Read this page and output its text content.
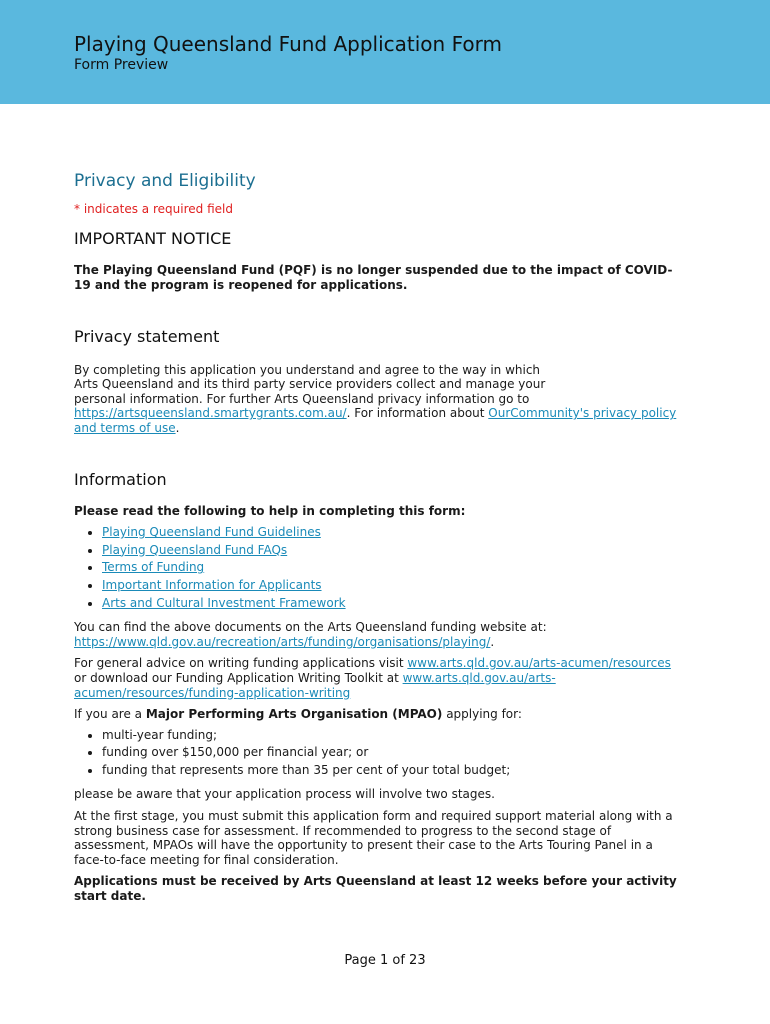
Playing Queensland Fund Application Form
Form Preview
Privacy and Eligibility
* indicates a required field
IMPORTANT NOTICE

The Playing Queensland Fund (PQF) is no longer suspended due to the impact of COVID-19 and the program is reopened for applications.

Privacy statement

By completing this application you understand and agree to the way in which
Arts Queensland and its third party service providers collect and manage your
personal information. For further Arts Queensland privacy information go to https://artsqueensland.smartygrants.com.au/. For information about OurCommunity's privacy policy and terms of use.

Information

Please read the following to help in completing this form:

• Playing Queensland Fund Guidelines
• Playing Queensland Fund FAQs
• Terms of Funding
• Important Information for Applicants
• Arts and Cultural Investment Framework

You can find the above documents on the Arts Queensland funding website at: https://www.qld.gov.au/recreation/arts/funding/organisations/playing/.

For general advice on writing funding applications visit www.arts.qld.gov.au/arts-acumen/resources or download our Funding Application Writing Toolkit at www.arts.qld.gov.au/arts-acumen/resources/funding-application-writing

If you are a Major Performing Arts Organisation (MPAO) applying for:

• multi-year funding;
• funding over $150,000 per financial year; or
• funding that represents more than 35 per cent of your total budget;

please be aware that your application process will involve two stages.

At the first stage, you must submit this application form and required support material along with a strong business case for assessment. If recommended to progress to the second stage of assessment, MPAOs will have the opportunity to present their case to the Arts Touring Panel in a face-to-face meeting for final consideration.

Applications must be received by Arts Queensland at least 12 weeks before your activity start date.

Page 1 of 23
